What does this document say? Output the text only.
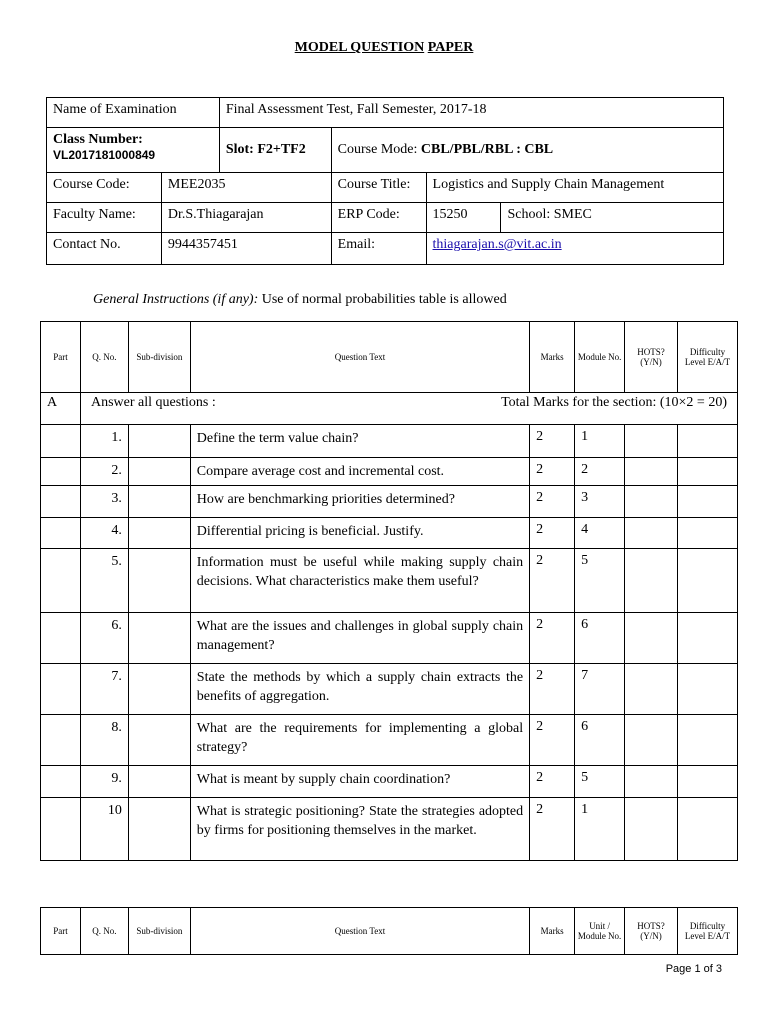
MODEL QUESTION PAPER
Name of Examination		Final Assessment Test, Fall Semester, 2017-18			

Class Number:
VL2017181000849		Slot: F2+TF2	Course Mode: CBL/PBL/RBL : CBL		
Course Code:	MEE2035		Course Title:	Logistics and Supply Chain Management	
Faculty Name:	Dr.S.Thiagarajan		ERP Code:	15250	School: SMEC
Contact No.	9944357451		Email:	thiagarajan.s@vit.ac.in	
General Instructions (if any): Use of normal probabilities table is allowed
Part	Q. No.	Sub-division	Question Text	Marks	Module No.	HOTS? (Y/N)	Difficulty Level E/A/T
A	Answer all questions : Total Marks for the section: (10×2 = 20)						

	1.		Define the term value chain?	2	1		
	2.		Compare average cost and incremental cost.	2	2		
	3.		How are benchmarking priorities determined?	2	3		
	4.		Differential pricing is beneficial. Justify.	2	4		
	5.		Information must be useful while making supply chain decisions. What characteristics make them useful?	2	5		
	6.		What are the issues and challenges in global supply chain management?	2	6		
	7.		State the methods by which a supply chain extracts the benefits of aggregation.	2	7		
	8.		What are the requirements for implementing a global strategy?	2	6		
	9.		What is meant by supply chain coordination?	2	5		
	10		What is strategic positioning? State the strategies adopted by firms for positioning themselves in the market.	2	1		
Part	Q. No.	Sub-division	Question Text	Marks	Unit / Module No.	HOTS? (Y/N)	Difficulty Level E/A/T
Page 1 of 3
